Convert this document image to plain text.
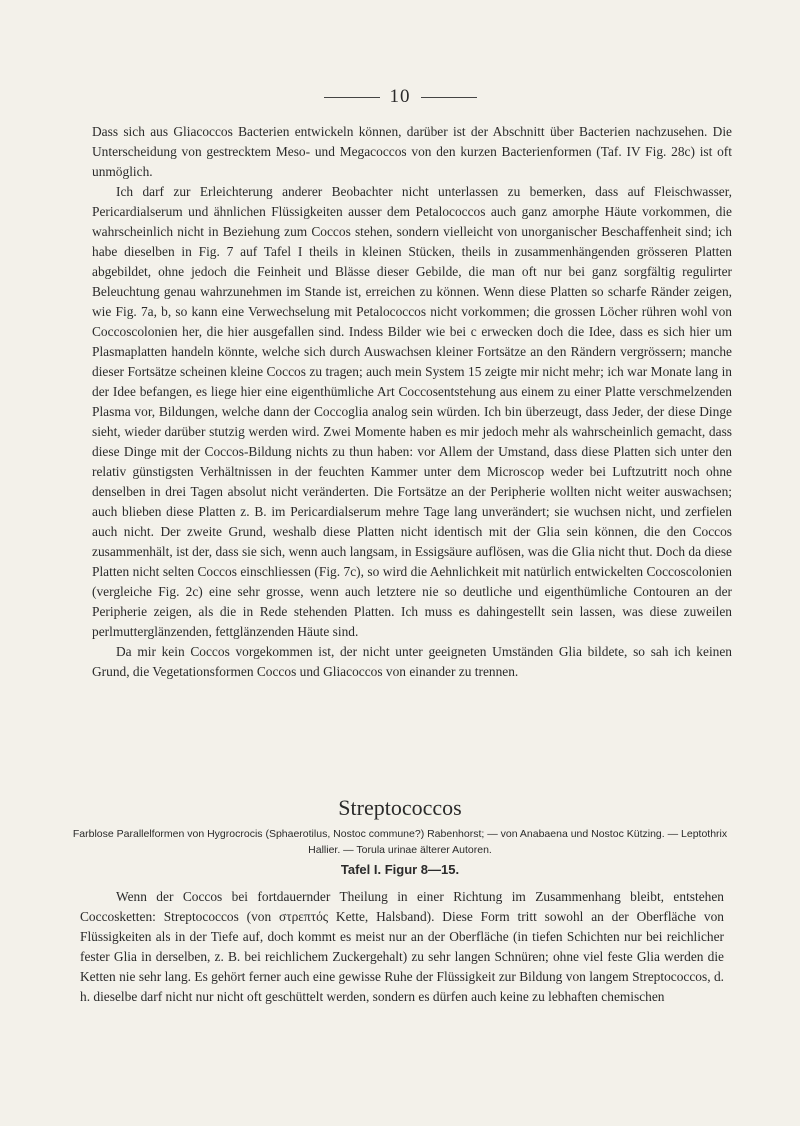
10

Dass sich aus Gliacoccos Bacterien entwickeln können, darüber ist der Abschnitt über Bacterien nachzusehen. Die Unterscheidung von gestrecktem Meso- und Megacoccos von den kurzen Bacterienformen (Taf. IV Fig. 28c) ist oft unmöglich.

Ich darf zur Erleichterung anderer Beobachter nicht unterlassen zu bemerken, dass auf Fleischwasser, Pericardialserum und ähnlichen Flüssigkeiten ausser dem Petalococcos auch ganz amorphe Häute vorkommen, die wahrscheinlich nicht in Beziehung zum Coccos stehen, sondern vielleicht von unorganischer Beschaffenheit sind; ich habe dieselben in Fig. 7 auf Tafel I theils in kleinen Stücken, theils in zusammenhängenden grösseren Platten abgebildet, ohne jedoch die Feinheit und Blässe dieser Gebilde, die man oft nur bei ganz sorgfältig regulirter Beleuchtung genau wahrzunehmen im Stande ist, erreichen zu können. Wenn diese Platten so scharfe Ränder zeigen, wie Fig. 7a, b, so kann eine Verwechselung mit Petalococcos nicht vorkommen; die grossen Löcher rühren wohl von Coccoscolonien her, die hier ausgefallen sind. Indess Bilder wie bei c erwecken doch die Idee, dass es sich hier um Plasmaplatten handeln könnte, welche sich durch Auswachsen kleiner Fortsätze an den Rändern vergrössern; manche dieser Fortsätze scheinen kleine Coccos zu tragen; auch mein System 15 zeigte mir nicht mehr; ich war Monate lang in der Idee befangen, es liege hier eine eigenthümliche Art Coccosentstehung aus einem zu einer Platte verschmelzenden Plasma vor, Bildungen, welche dann der Coccoglia analog sein würden. Ich bin überzeugt, dass Jeder, der diese Dinge sieht, wieder darüber stutzig werden wird. Zwei Momente haben es mir jedoch mehr als wahrscheinlich gemacht, dass diese Dinge mit der Coccos-Bildung nichts zu thun haben: vor Allem der Umstand, dass diese Platten sich unter den relativ günstigsten Verhältnissen in der feuchten Kammer unter dem Microscop weder bei Luftzutritt noch ohne denselben in drei Tagen absolut nicht veränderten. Die Fortsätze an der Peripherie wollten nicht weiter auswachsen; auch blieben diese Platten z. B. im Pericardialserum mehre Tage lang unverändert; sie wuchsen nicht, und zerfielen auch nicht. Der zweite Grund, weshalb diese Platten nicht identisch mit der Glia sein können, die den Coccos zusammenhält, ist der, dass sie sich, wenn auch langsam, in Essigsäure auflösen, was die Glia nicht thut. Doch da diese Platten nicht selten Coccos einschliessen (Fig. 7c), so wird die Aehnlichkeit mit natürlich entwickelten Coccoscolonien (vergleiche Fig. 2c) eine sehr grosse, wenn auch letztere nie so deutliche und eigenthümliche Contouren an der Peripherie zeigen, als die in Rede stehenden Platten. Ich muss es dahingestellt sein lassen, was diese zuweilen perlmutterglänzenden, fettglänzenden Häute sind.

Da mir kein Coccos vorgekommen ist, der nicht unter geeigneten Umständen Glia bildete, so sah ich keinen Grund, die Vegetationsformen Coccos und Gliacoccos von einander zu trennen.

Streptococcos
Farblose Parallelformen von Hygrocrocis (Sphaerotilus, Nostoc commune?) Rabenhorst; — von Anabaena und Nostoc Kützing. — Leptothrix Hallier. — Torula urinae älterer Autoren.
Tafel I. Figur 8—15.

Wenn der Coccos bei fortdauernder Theilung in einer Richtung im Zusammenhang bleibt, entstehen Coccosketten: Streptococcos (von στρεπτός Kette, Halsband). Diese Form tritt sowohl an der Oberfläche von Flüssigkeiten als in der Tiefe auf, doch kommt es meist nur an der Oberfläche (in tiefen Schichten nur bei reichlicher fester Glia in derselben, z. B. bei reichlichem Zuckergehalt) zu sehr langen Schnüren; ohne viel feste Glia werden die Ketten nie sehr lang. Es gehört ferner auch eine gewisse Ruhe der Flüssigkeit zur Bildung von langem Streptococcos, d. h. dieselbe darf nicht nur nicht oft geschüttelt werden, sondern es dürfen auch keine zu lebhaften chemischen
